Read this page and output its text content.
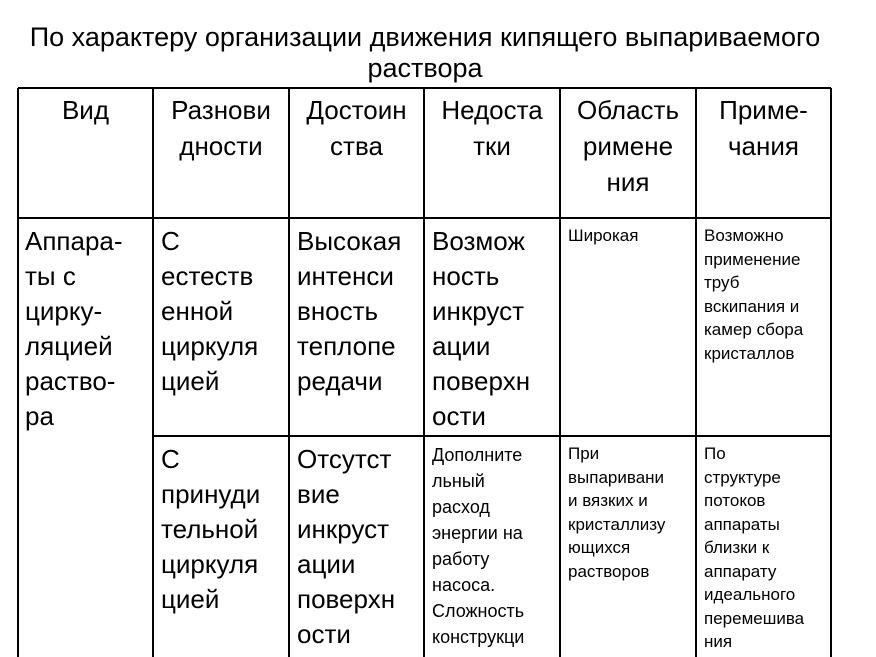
По характеру организации движения кипящего выпариваемого раствора
Вид	Разнови
дности
Достоин
ства
Недоста
тки
Область
римене
ния
Приме-
чания
Аппара-
ты с
цирку-
ляцией
раство-
ра
С
естеств
енной
циркуля
цией
Высокая
интенси
вность
теплопе
редачи
Возмож
ность
инкруст
ации
поверхн
ости
Широкая	Возможно
применение
труб
вскипания и
камер сбора
кристаллов
С
принуди
тельной
циркуля
цией
Отсутст
вие
инкруст
ации
поверхн
ости
Дополните
льный
расход
энергии на
работу
насоса.
Сложность
конструкци
При
выпаривани
и вязких и
кристаллизу
ющихся
растворов
По
структуре
потоков
аппараты
близки к
аппарату
идеального
перемешива
ния
